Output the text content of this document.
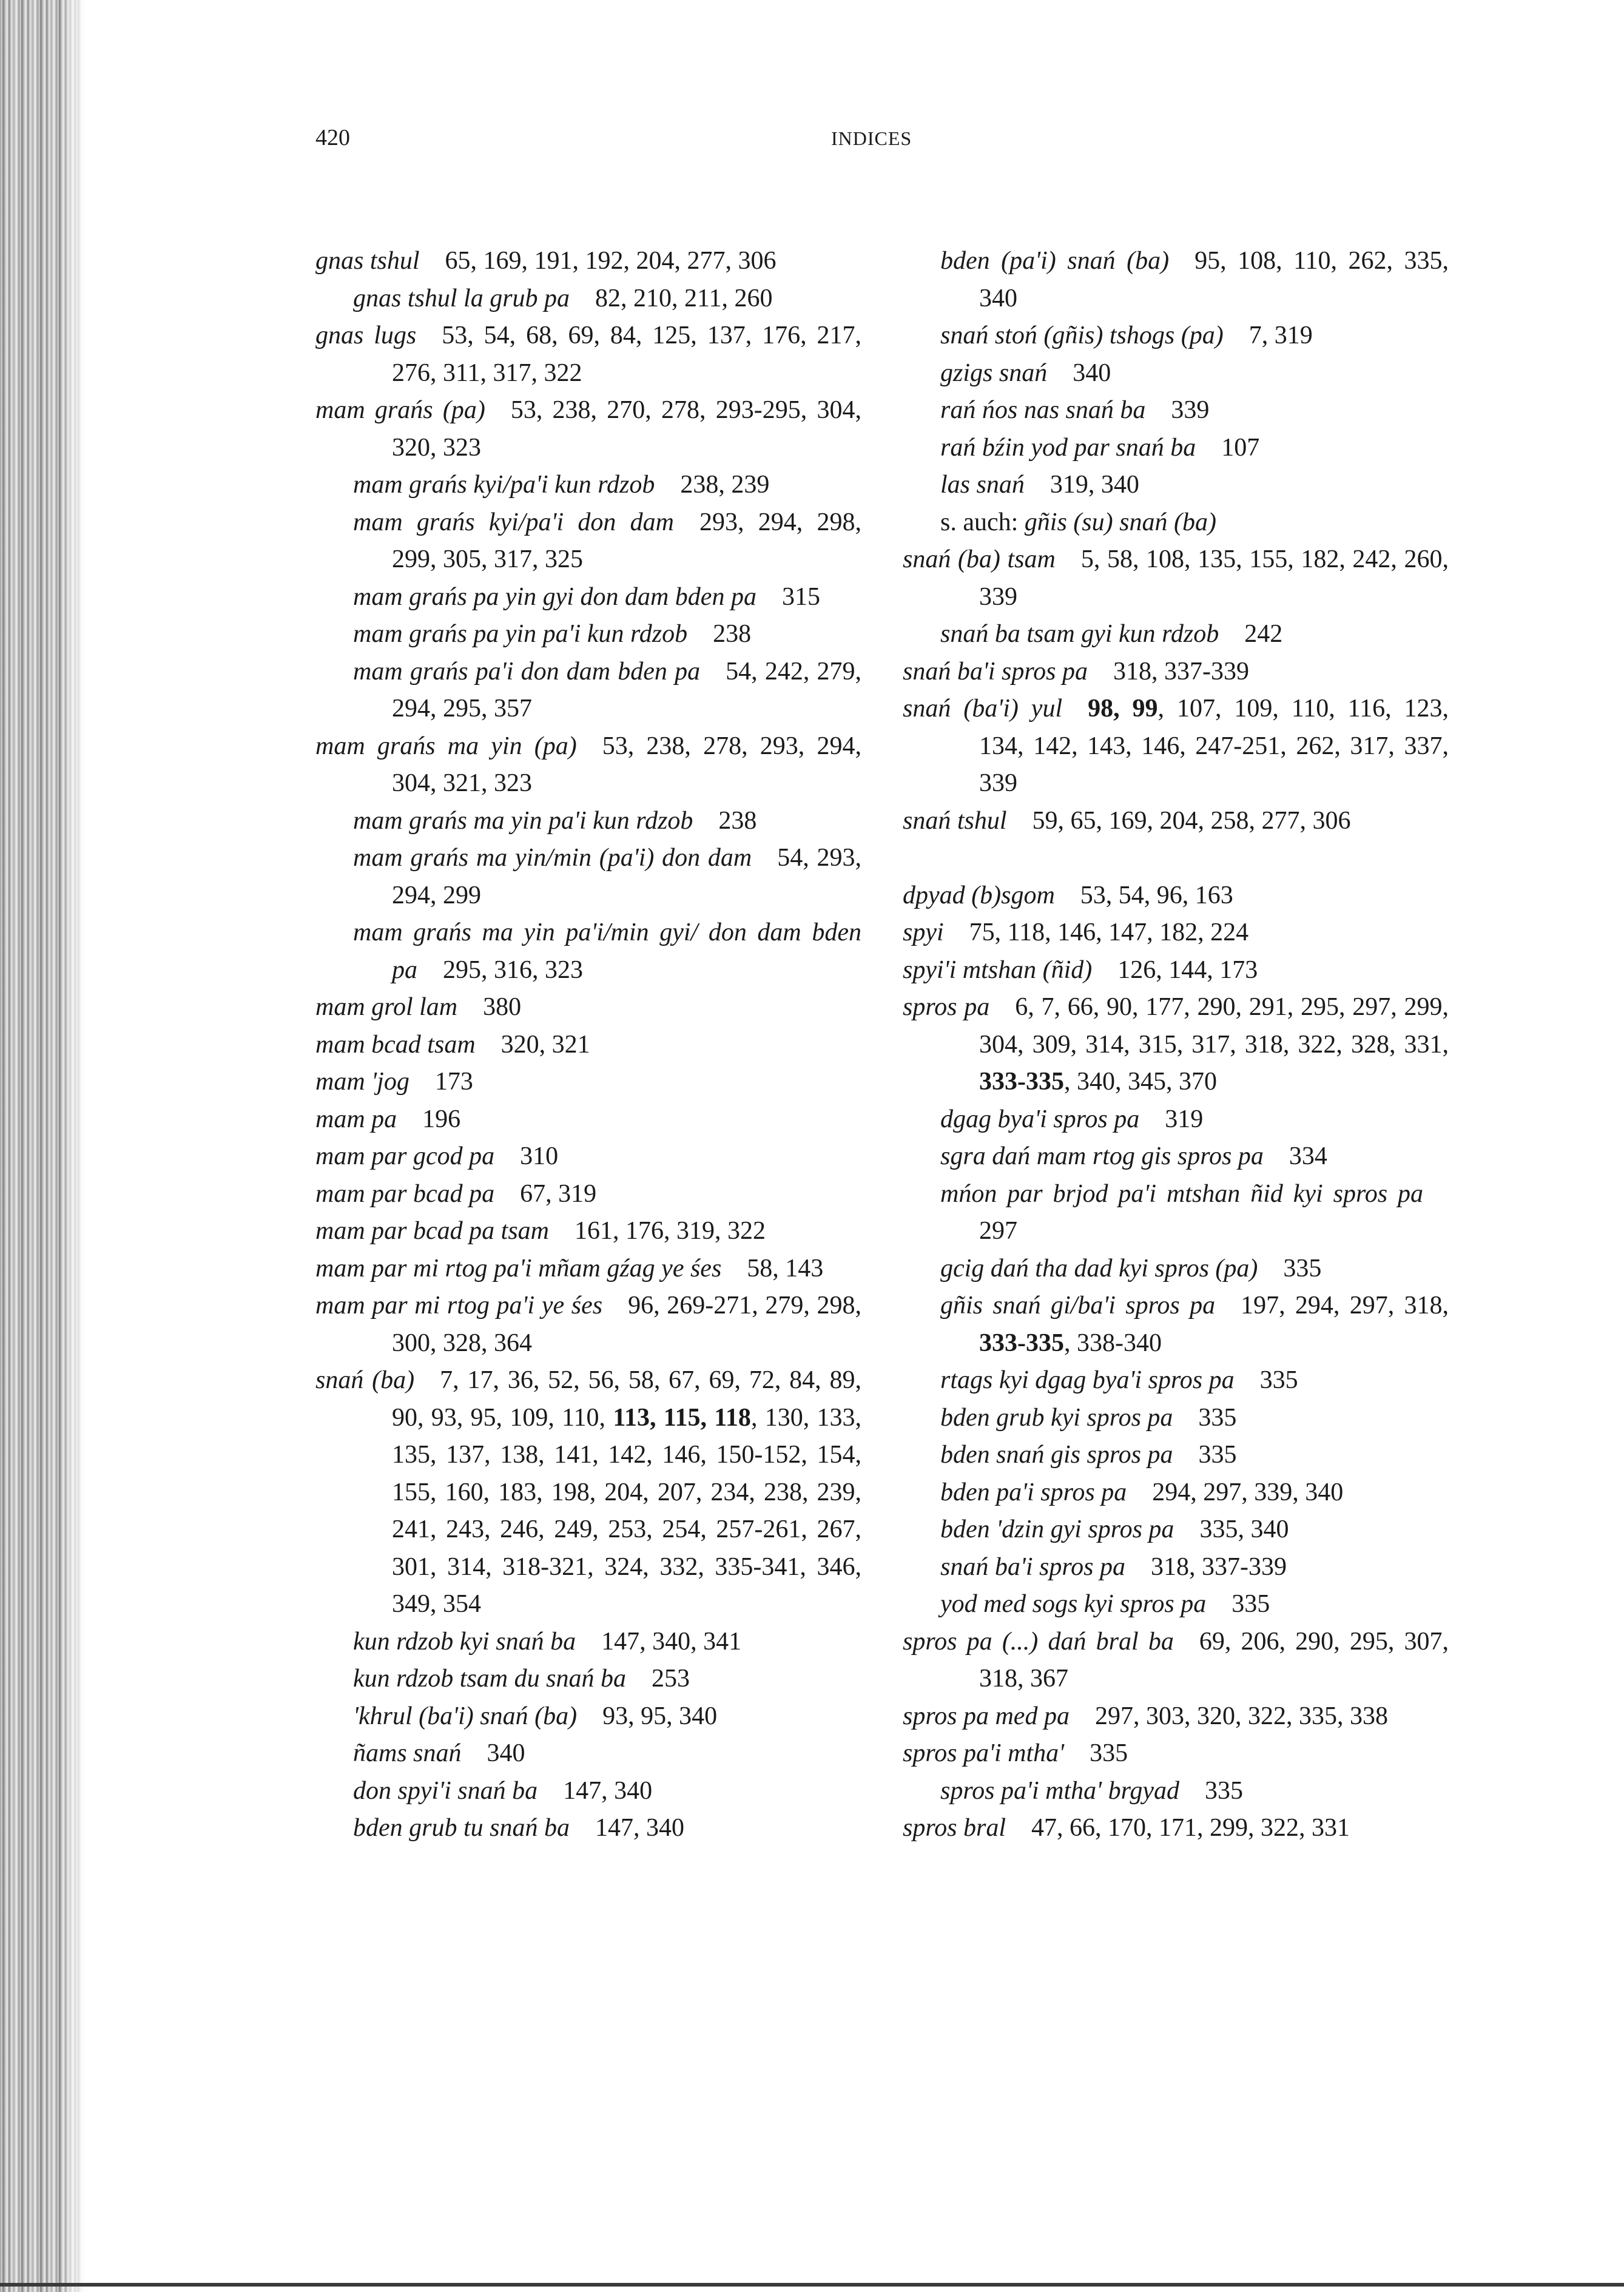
420	INDICES

gnas tshul  65, 169, 191, 192, 204, 277, 306

gnas tshul la grub pa  82, 210, 211, 260

gnas lugs  53, 54, 68, 69, 84, 125, 137, 176, 217, 276, 311, 317, 322

mam grańs (pa)  53, 238, 270, 278, 293-295, 304, 320, 323

mam grańs kyi/pa'i kun rdzob  238, 239

mam grańs kyi/pa'i don dam  293, 294, 298, 299, 305, 317, 325

mam grańs pa yin gyi don dam bden pa  315

mam grańs pa yin pa'i kun rdzob  238

mam grańs pa'i don dam bden pa  54, 242, 279, 294, 295, 357

mam grańs ma yin (pa)  53, 238, 278, 293, 294, 304, 321, 323

mam grańs ma yin pa'i kun rdzob  238

mam grańs ma yin/min (pa'i) don dam  54, 293, 294, 299

mam grańs ma yin pa'i/min gyi/ don dam bden pa  295, 316, 323

mam grol lam  380

mam bcad tsam  320, 321

mam 'jog  173

mam pa  196

mam par gcod pa  310

mam par bcad pa  67, 319

mam par bcad pa tsam  161, 176, 319, 322

mam par mi rtog pa'i mñam gźag ye śes  58, 143

mam par mi rtog pa'i ye śes  96, 269-271, 279, 298, 300, 328, 364

snań (ba)  7, 17, 36, 52, 56, 58, 67, 69, 72, 84, 89, 90, 93, 95, 109, 110, 113, 115, 118, 130, 133, 135, 137, 138, 141, 142, 146, 150-152, 154, 155, 160, 183, 198, 204, 207, 234, 238, 239, 241, 243, 246, 249, 253, 254, 257-261, 267, 301, 314, 318-321, 324, 332, 335-341, 346, 349, 354

kun rdzob kyi snań ba  147, 340, 341

kun rdzob tsam du snań ba  253

'khrul (ba'i) snań (ba)  93, 95, 340

ñams snań  340

don spyi'i snań ba  147, 340

bden grub tu snań ba  147, 340

bden (pa'i) snań (ba)  95, 108, 110, 262, 335, 340

snań stoń (gñis) tshogs (pa)  7, 319

gzigs snań  340

rań ńos nas snań ba  339

rań bźin yod par snań ba  107

las snań  319, 340

s. auch: gñis (su) snań (ba)

snań (ba) tsam  5, 58, 108, 135, 155, 182, 242, 260, 339

snań ba tsam gyi kun rdzob  242

snań ba'i spros pa  318, 337-339

snań (ba'i) yul  98, 99, 107, 109, 110, 116, 123, 134, 142, 143, 146, 247-251, 262, 317, 337, 339

snań tshul  59, 65, 169, 204, 258, 277, 306

dpyad (b)sgom  53, 54, 96, 163

spyi  75, 118, 146, 147, 182, 224

spyi'i mtshan (ñid)  126, 144, 173

spros pa  6, 7, 66, 90, 177, 290, 291, 295, 297, 299, 304, 309, 314, 315, 317, 318, 322, 328, 331, 333-335, 340, 345, 370

dgag bya'i spros pa  319

sgra dań mam rtog gis spros pa  334

mńon par brjod pa'i mtshan ñid kyi spros pa 297

gcig dań tha dad kyi spros (pa)  335

gñis snań gi/ba'i spros pa  197, 294, 297, 318, 333-335, 338-340

rtags kyi dgag bya'i spros pa  335

bden grub kyi spros pa  335

bden snań gis spros pa  335

bden pa'i spros pa  294, 297, 339, 340

bden 'dzin gyi spros pa  335, 340

snań ba'i spros pa  318, 337-339

yod med sogs kyi spros pa  335

spros pa (...) dań bral ba  69, 206, 290, 295, 307, 318, 367

spros pa med pa  297, 303, 320, 322, 335, 338

spros pa'i mtha'  335

spros pa'i mtha' brgyad  335

spros bral  47, 66, 170, 171, 299, 322, 331
